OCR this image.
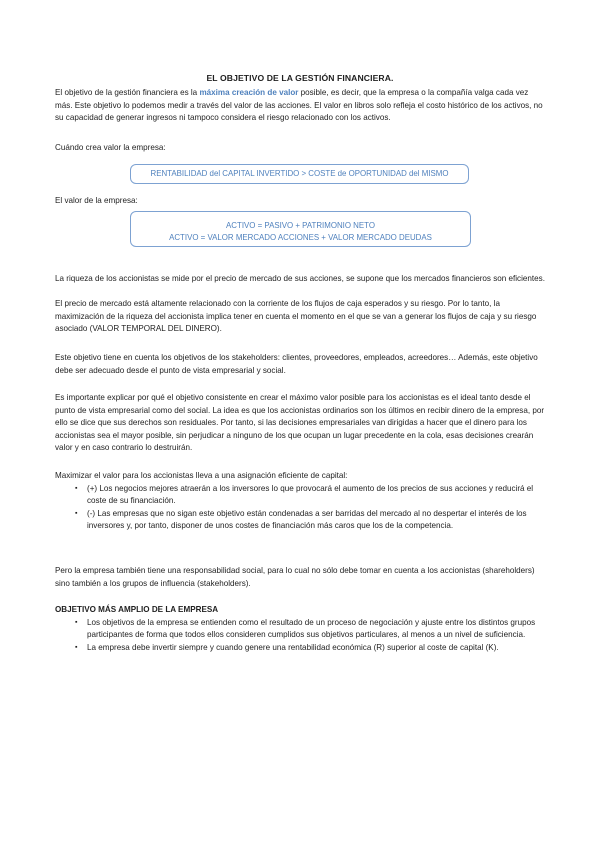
EL OBJETIVO DE LA GESTIÓN FINANCIERA.
El objetivo de la gestión financiera es la máxima creación de valor posible, es decir, que la empresa o la compañía valga cada vez más. Este objetivo lo podemos medir a través del valor de las acciones. El valor en libros solo refleja el costo histórico de los activos, no su capacidad de generar ingresos ni tampoco considera el riesgo relacionado con los activos.
Cuándo crea valor la empresa:
RENTABILIDAD del CAPITAL INVERTIDO > COSTE de OPORTUNIDAD del MISMO
El valor de la empresa:
ACTIVO = PASIVO + PATRIMONIO NETO
ACTIVO = VALOR MERCADO ACCIONES + VALOR MERCADO DEUDAS
La riqueza de los accionistas se mide por el precio de mercado de sus acciones, se supone que los mercados financieros son eficientes.
El precio de mercado está altamente relacionado con la corriente de los flujos de caja esperados y su riesgo. Por lo tanto, la maximización de la riqueza del accionista implica tener en cuenta el momento en el que se van a generar los flujos de caja y su riesgo asociado (VALOR TEMPORAL DEL DINERO).
Este objetivo tiene en cuenta los objetivos de los stakeholders: clientes, proveedores, empleados, acreedores… Además, este objetivo debe ser adecuado desde el punto de vista empresarial y social.
Es importante explicar por qué el objetivo consistente en crear el máximo valor posible para los accionistas es el ideal tanto desde el punto de vista empresarial como del social. La idea es que los accionistas ordinarios son los últimos en recibir dinero de la empresa, por ello se dice que sus derechos son residuales. Por tanto, si las decisiones empresariales van dirigidas a hacer que el dinero para los accionistas sea el mayor posible, sin perjudicar a ninguno de los que ocupan un lugar precedente en la cola, esas decisiones crearán valor y en caso contrario lo destruirán.
Maximizar el valor para los accionistas lleva a una asignación eficiente de capital:
▪ (+) Los negocios mejores atraerán a los inversores lo que provocará el aumento de los precios de sus acciones y reducirá el coste de su financiación.
▪ (-) Las empresas que no sigan este objetivo están condenadas a ser barridas del mercado al no despertar el interés de los inversores y, por tanto, disponer de unos costes de financiación más caros que los de la competencia.
Pero la empresa también tiene una responsabilidad social, para lo cual no sólo debe tomar en cuenta a los accionistas (shareholders) sino también a los grupos de influencia (stakeholders).
OBJETIVO MÁS AMPLIO DE LA EMPRESA
▪ Los objetivos de la empresa se entienden como el resultado de un proceso de negociación y ajuste entre los distintos grupos participantes de forma que todos ellos consideren cumplidos sus objetivos particulares, al menos a un nivel de suficiencia.
▪ La empresa debe invertir siempre y cuando genere una rentabilidad económica (R) superior al coste de capital (K).
